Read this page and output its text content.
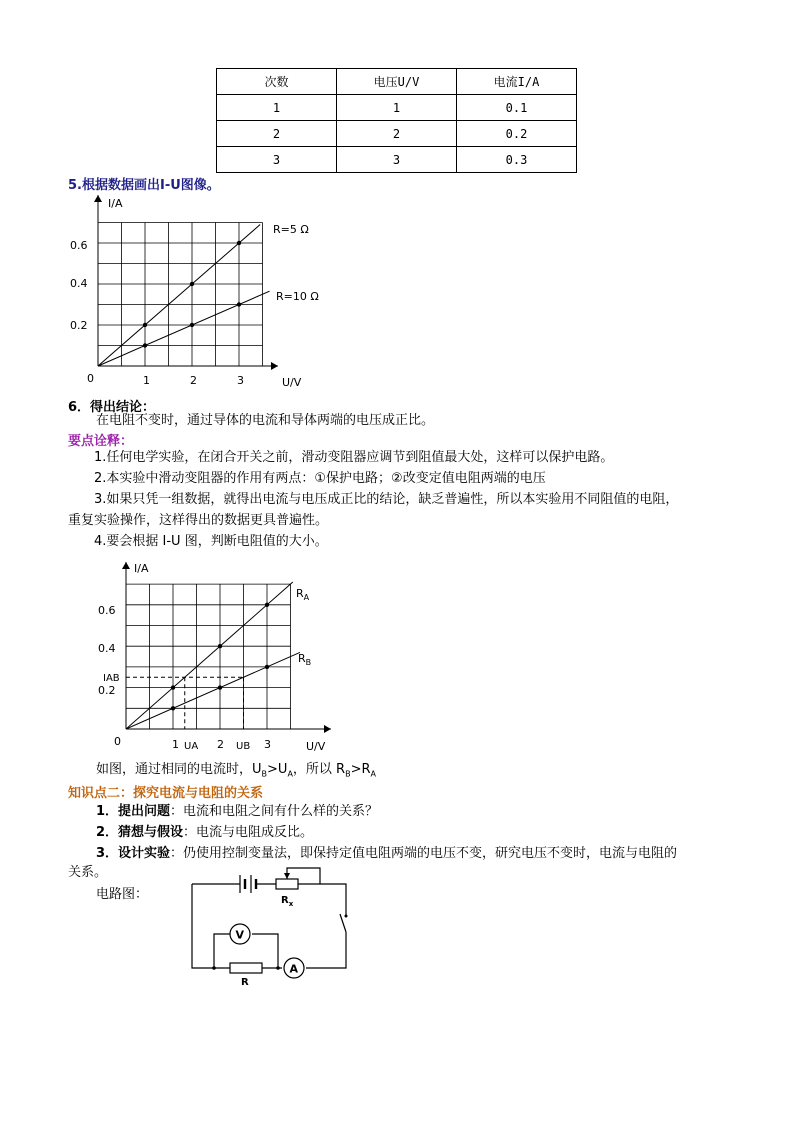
次数	电压U/V	电流I/A
1	1	0.1
2	2	0.2
3	3	0.3
5.根据数据画出I-U图像。
I/A
U/V
0
0.6
0.4
0.2
1	2	3
R=5 Ω
R=10 Ω
6．得出结论：
在电阻不变时，通过导体的电流和导体两端的电压成正比。
要点诠释：
1.任何电学实验，在闭合开关之前，滑动变阻器应调节到阻值最大处，这样可以保护电路。
2.本实验中滑动变阻器的作用有两点：①保护电路；②改变定值电阻两端的电压
3.如果只凭一组数据，就得出电流与电压成正比的结论，缺乏普遍性，所以本实验用不同阻值的电阻，
重复实验操作，这样得出的数据更具普遍性。
4.要会根据 I-U 图，判断电阻值的大小。
I/A
U/V
0
0.6
0.4
0.2
IAB
1 UA 2 UB 3
$R_A$
$R_B$
如图，通过相同的电流时，$U_B>U_A$，所以 $R_B>R_A$
知识点二：探究电流与电阻的关系
1．提出问题：电流和电阻之间有什么样的关系？
2．猜想与假设：电流与电阻成反比。
3．设计实验：仍使用控制变量法，即保持定值电阻两端的电压不变，研究电压不变时，电流与电阻的
关系。
电路图：	$R_x$
V
R
A
